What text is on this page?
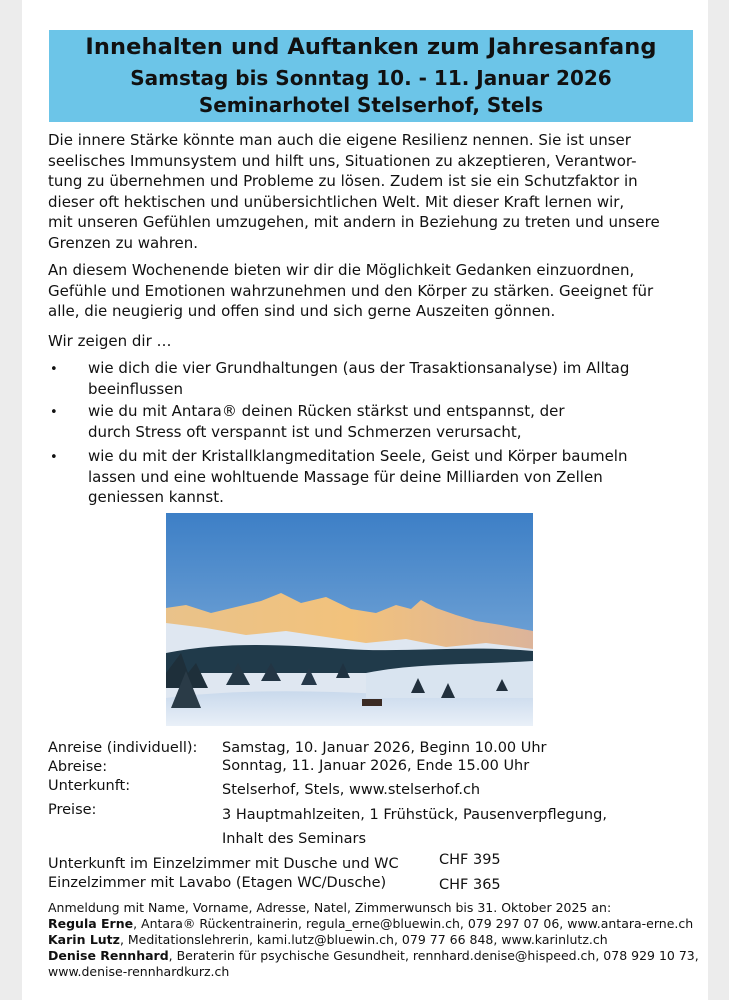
Innehalten und Auftanken zum Jahresanfang
Samstag bis Sonntag 10. - 11. Januar 2026
Seminarhotel Stelserhof, Stels
Die innere Stärke könnte man auch die eigene Resilienz nennen. Sie ist unser
seelisches Immunsystem und hilft uns, Situationen zu akzeptieren, Verantwor-
tung zu übernehmen und Probleme zu lösen. Zudem ist sie ein Schutzfaktor in
dieser oft hektischen und unübersichtlichen Welt. Mit dieser Kraft lernen wir,
mit unseren Gefühlen umzugehen, mit andern in Beziehung zu treten und unsere
Grenzen zu wahren.
An diesem Wochenende bieten wir dir die Möglichkeit Gedanken einzuordnen,
Gefühle und Emotionen wahrzunehmen und den Körper zu stärken. Geeignet für
alle, die neugierig und offen sind und sich gerne Auszeiten gönnen.
Wir zeigen dir …
• wie dich die vier Grundhaltungen (aus der Trasaktionsanalyse) im Alltag
beeinflussen
• wie du mit Antara® deinen Rücken stärkst und entspannst, der
durch Stress oft verspannt ist und Schmerzen verursacht,
• wie du mit der Kristallklangmeditation Seele, Geist und Körper baumeln
lassen und eine wohltuende Massage für deine Milliarden von Zellen
geniessen kannst.
Anreise (individuell): Samstag, 10. Januar 2026, Beginn 10.00 Uhr
Abreise:	Sonntag, 11. Januar 2026, Ende 15.00 Uhr
Unterkunft:	Stelserhof, Stels, www.stelserhof.ch
Preise:	3 Hauptmahlzeiten, 1 Frühstück, Pausenverpflegung,
Inhalt des Seminars
Unterkunft im Einzelzimmer mit Dusche und WC	CHF 395
Einzelzimmer mit Lavabo (Etagen WC/Dusche)	CHF 365
Anmeldung mit Name, Vorname, Adresse, Natel, Zimmerwunsch bis 31. Oktober 2025 an:
Regula Erne, Antara® Rückentrainerin, regula_erne@bluewin.ch, 079 297 07 06, www.antara-erne.ch
Karin Lutz, Meditationslehrerin, kami.lutz@bluewin.ch, 079 77 66 848, www.karinlutz.ch
Denise Rennhard, Beraterin für psychische Gesundheit, rennhard.denise@hispeed.ch, 078 929 10 73,
www.denise-rennhardkurz.ch
